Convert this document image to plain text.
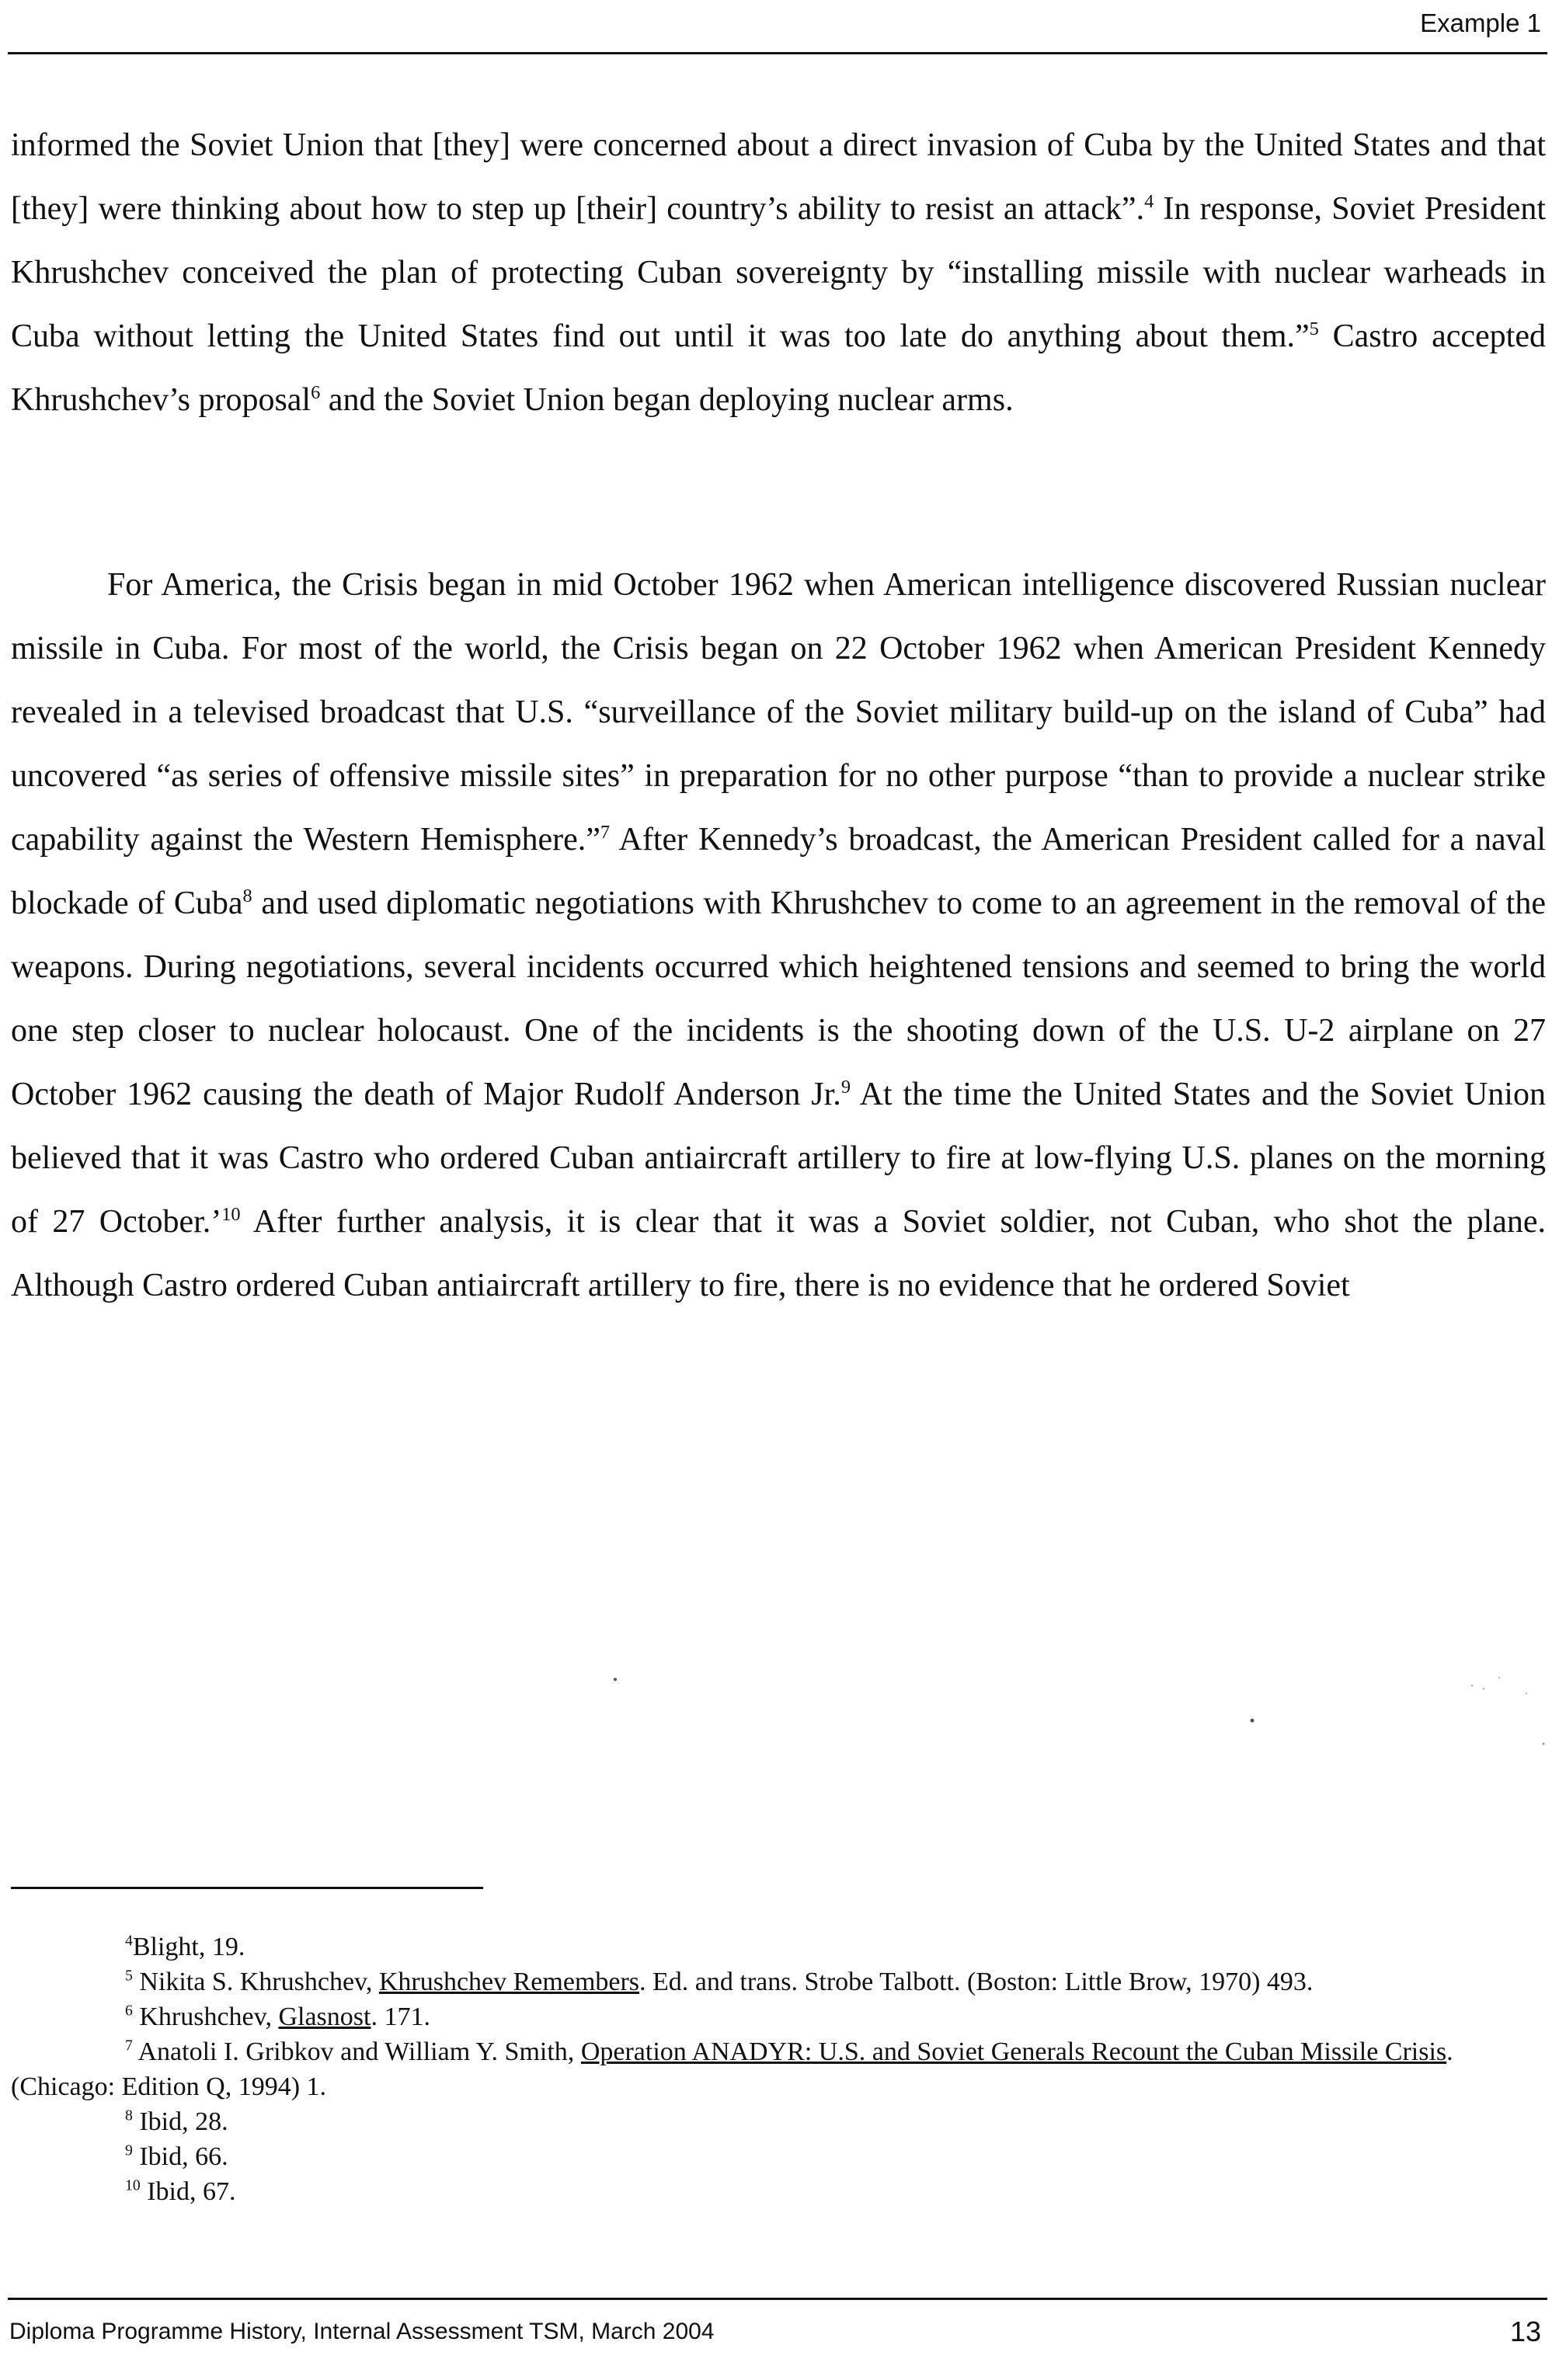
Example 1

informed the Soviet Union that [they] were concerned about a direct invasion of Cuba by the United States and that [they] were thinking about how to step up [their] country’s ability to resist an attack”.$^4$ In response, Soviet President Khrushchev conceived the plan of protecting Cuban sovereignty by “installing missile with nuclear warheads in Cuba without letting the United States find out until it was too late do anything about them.”$^5$ Castro accepted Khrushchev’s proposal$^6$ and the Soviet Union began deploying nuclear arms.

For America, the Crisis began in mid October 1962 when American intelligence discovered Russian nuclear missile in Cuba. For most of the world, the Crisis began on 22 October 1962 when American President Kennedy revealed in a televised broadcast that U.S. “surveillance of the Soviet military build-up on the island of Cuba” had uncovered “as series of offensive missile sites” in preparation for no other purpose “than to provide a nuclear strike capability against the Western Hemisphere.”$^7$ After Kennedy’s broadcast, the American President called for a naval blockade of Cuba$^8$ and used diplomatic negotiations with Khrushchev to come to an agreement in the removal of the weapons. During negotiations, several incidents occurred which heightened tensions and seemed to bring the world one step closer to nuclear holocaust. One of the incidents is the shooting down of the U.S. U-2 airplane on 27 October 1962 causing the death of Major Rudolf Anderson Jr.$^9$ At the time the United States and the Soviet Union believed that it was Castro who ordered Cuban antiaircraft artillery to fire at low-flying U.S. planes on the morning of 27 October.’$^{10}$ After further analysis, it is clear that it was a Soviet soldier, not Cuban, who shot the plane. Although Castro ordered Cuban antiaircraft artillery to fire, there is no evidence that he ordered Soviet

$^4$Blight, 19.

$^5$ Nikita S. Khrushchev, Khrushchev Remembers. Ed. and trans. Strobe Talbott. (Boston: Little Brow, 1970) 493.

$^6$ Khrushchev, Glasnost. 171.

$^7$ Anatoli I. Gribkov and William Y. Smith, Operation ANADYR: U.S. and Soviet Generals Recount the Cuban Missile Crisis. (Chicago: Edition Q, 1994) 1.

$^8$ Ibid, 28.

$^9$ Ibid, 66.

$^{10}$ Ibid, 67.

Diploma Programme History, Internal Assessment TSM, March 2004	13
